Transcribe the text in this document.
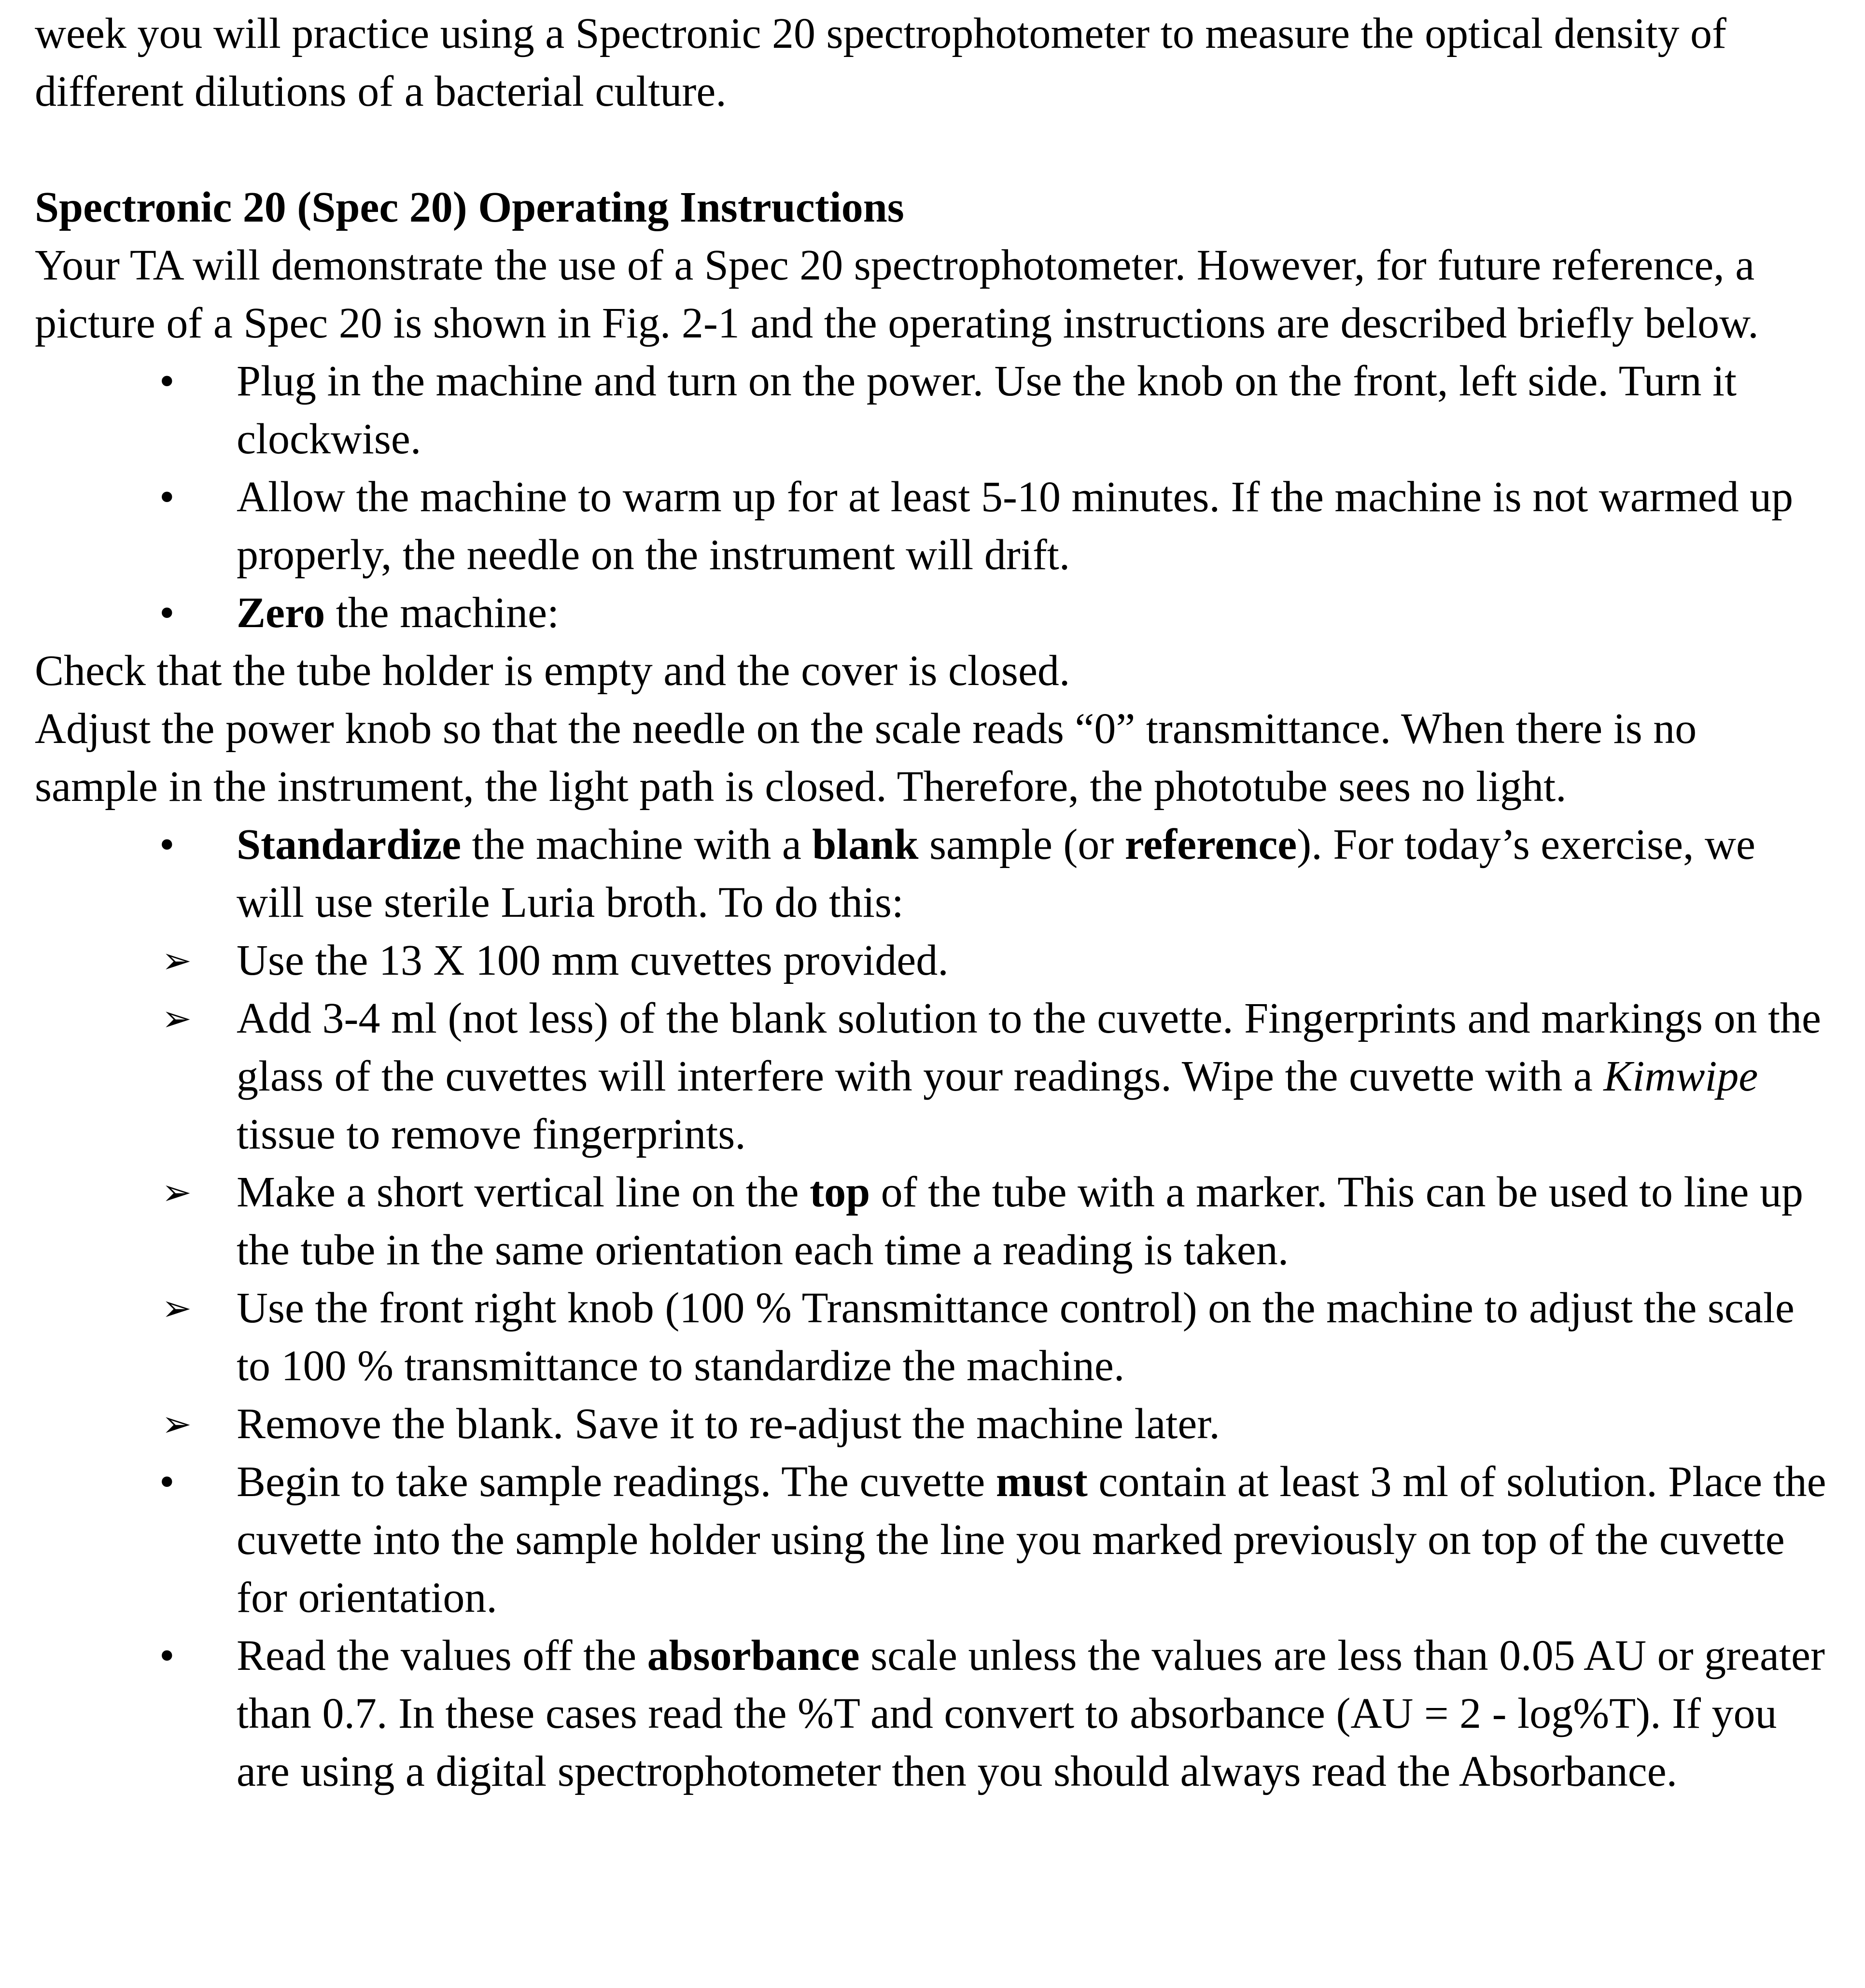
week you will practice using a Spectronic 20 spectrophotometer to measure the optical density of different dilutions of a bacterial culture.

Spectronic 20 (Spec 20) Operating Instructions

Your TA will demonstrate the use of a Spec 20 spectrophotometer. However, for future reference, a picture of a Spec 20 is shown in Fig. 2-1 and the operating instructions are described briefly below.

•	Plug in the machine and turn on the power. Use the knob on the front, left side. Turn it clockwise.
•	Allow the machine to warm up for at least 5-10 minutes. If the machine is not warmed up properly, the needle on the instrument will drift.
•	Zero the machine:

Check that the tube holder is empty and the cover is closed.

Adjust the power knob so that the needle on the scale reads “0” transmittance. When there is no sample in the instrument, the light path is closed. Therefore, the phototube sees no light.

•	Standardize the machine with a blank sample (or reference). For today’s exercise, we will use sterile Luria broth. To do this:
➢	Use the 13 X 100 mm cuvettes provided.
➢	Add 3-4 ml (not less) of the blank solution to the cuvette. Fingerprints and markings on the glass of the cuvettes will interfere with your readings. Wipe the cuvette with a Kimwipe tissue to remove fingerprints.
➢	Make a short vertical line on the top of the tube with a marker. This can be used to line up the tube in the same orientation each time a reading is taken.
➢	Use the front right knob (100 % Transmittance control) on the machine to adjust the scale to 100 % transmittance to standardize the machine.
➢	Remove the blank. Save it to re-adjust the machine later.
•	Begin to take sample readings. The cuvette must contain at least 3 ml of solution. Place the cuvette into the sample holder using the line you marked previously on top of the cuvette for orientation.
•	Read the values off the absorbance scale unless the values are less than 0.05 AU or greater than 0.7. In these cases read the %T and convert to absorbance (AU = 2 - log%T). If you are using a digital spectrophotometer then you should always read the Absorbance.
